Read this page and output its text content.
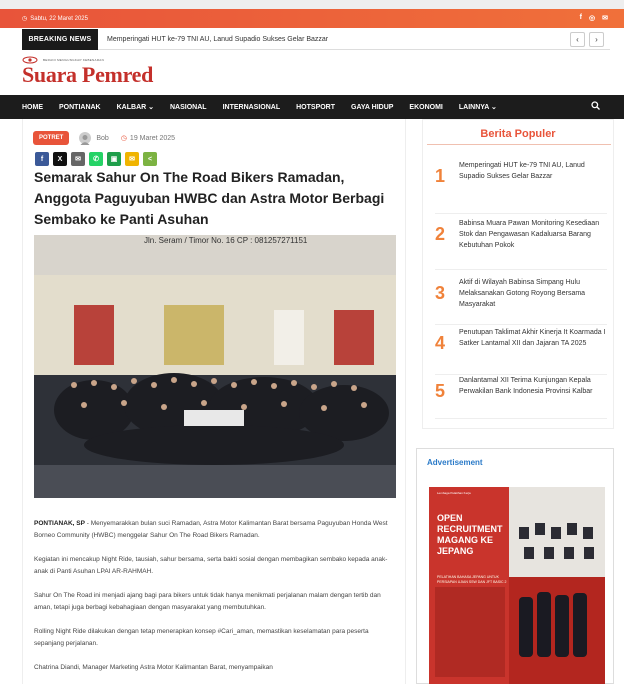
◷ Sabtu, 22 Maret 2025	f ◎ ✉
BREAKING NEWS	Memperingati HUT ke-79 TNI AU, Lanud Supadio Sukses Gelar Bazzar	‹	›
BERANI MENGUNGKAP KEBENARAN
Suara Pemred
HOME PONTIANAK KALBAR ⌄ NASIONAL INTERNASIONAL HOTSPORT GAYA HIDUP EKONOMI LAINNYA ⌄
POTRET	Bob ◷ 19 Maret 2025
f	X	✉	✆	▣	✉	<
Semarak Sahur On The Road Bikers Ramadan, Anggota Paguyuban HWBC dan Astra Motor Berbagi Sembako ke Panti Asuhan
Jln. Seram / Timor No. 16 CP : 081257271151

PONTIANAK, SP - Menyemarakkan bulan suci Ramadan, Astra Motor Kalimantan Barat bersama Paguyuban Honda West Borneo Community (HWBC) menggelar Sahur On The Road Bikers Ramadan.

Kegiatan ini mencakup Night Ride, tausiah, sahur bersama, serta bakti sosial dengan membagikan sembako kepada anak-anak di Panti Asuhan LPAI AR-RAHMAH.

Sahur On The Road ini menjadi ajang bagi para bikers untuk tidak hanya menikmati perjalanan malam dengan tertib dan aman, tetapi juga berbagi kebahagiaan dengan masyarakat yang membutuhkan.

Rolling Night Ride dilakukan dengan tetap menerapkan konsep #Cari_aman, memastikan keselamatan para peserta sepanjang perjalanan.

Chatrina Diandi, Manager Marketing Astra Motor Kalimantan Barat, menyampaikan

Berita Populer
1
Memperingati HUT ke-79 TNI AU, Lanud Supadio Sukses Gelar Bazzar
2
Babinsa Muara Pawan Monitoring Kesediaan Stok dan Pengawasan Kadaluarsa Barang Kebutuhan Pokok
3
Aktif di Wilayah Babinsa Simpang Hulu Melaksanakan Gotong Royong Bersama Masyarakat
4
Penutupan Taklimat Akhir Kinerja It Koarmada I Satker Lantamal XII dan Jajaran TA 2025
5
Danlantamal XII Terima Kunjungan Kepala Perwakilan Bank Indonesia Provinsi Kalbar
Advertisement
Lembaga Pelatihan Kerja
OPEN RECRUITMENT MAGANG KE JEPANG
PELATIHAN BAHASA JEPANG UNTUK PERSIAPAN UJIAN SSW DAN JFT BASIC 2
